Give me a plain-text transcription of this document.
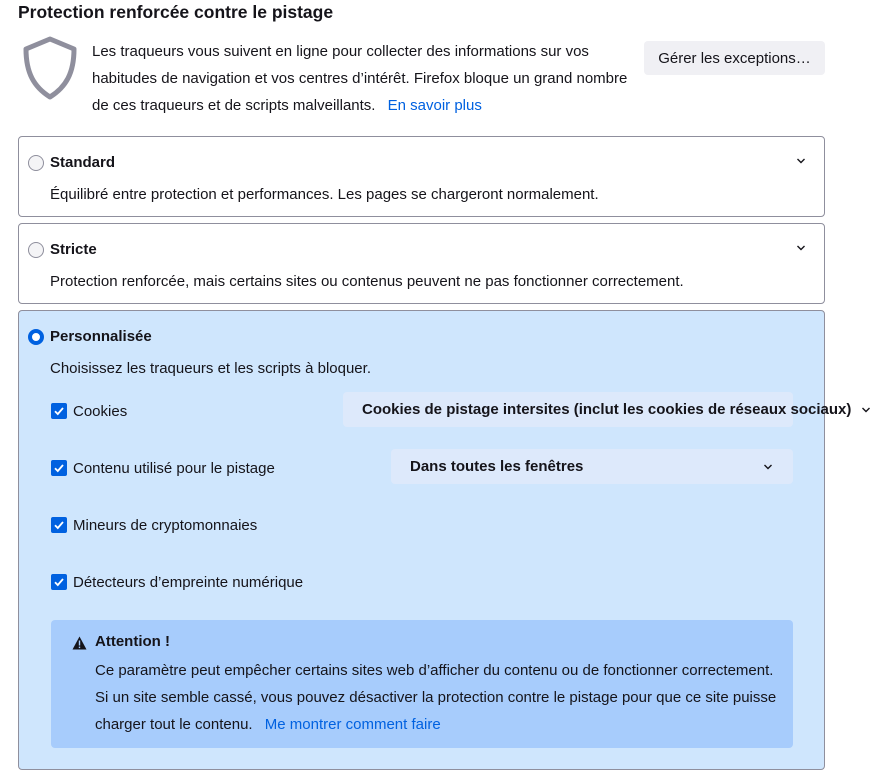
Protection renforcée contre le pistage
Les traqueurs vous suivent en ligne pour collecter des informations sur vos habitudes de navigation et vos centres d’intérêt. Firefox bloque un grand nombre de ces traqueurs et de scripts malveillants. En savoir plus
Gérer les exceptions…
Standard
Équilibré entre protection et performances. Les pages se chargeront normalement.
Stricte
Protection renforcée, mais certains sites ou contenus peuvent ne pas fonctionner correctement.
Personnalisée
Choisissez les traqueurs et les scripts à bloquer.
Cookies	Cookies de pistage intersites (inclut les cookies de réseaux sociaux)
Contenu utilisé pour le pistage	Dans toutes les fenêtres
Mineurs de cryptomonnaies
Détecteurs d’empreinte numérique
Attention !
Ce paramètre peut empêcher certains sites web d’afficher du contenu ou de fonctionner correctement. Si un site semble cassé, vous pouvez désactiver la protection contre le pistage pour que ce site puisse charger tout le contenu. Me montrer comment faire
